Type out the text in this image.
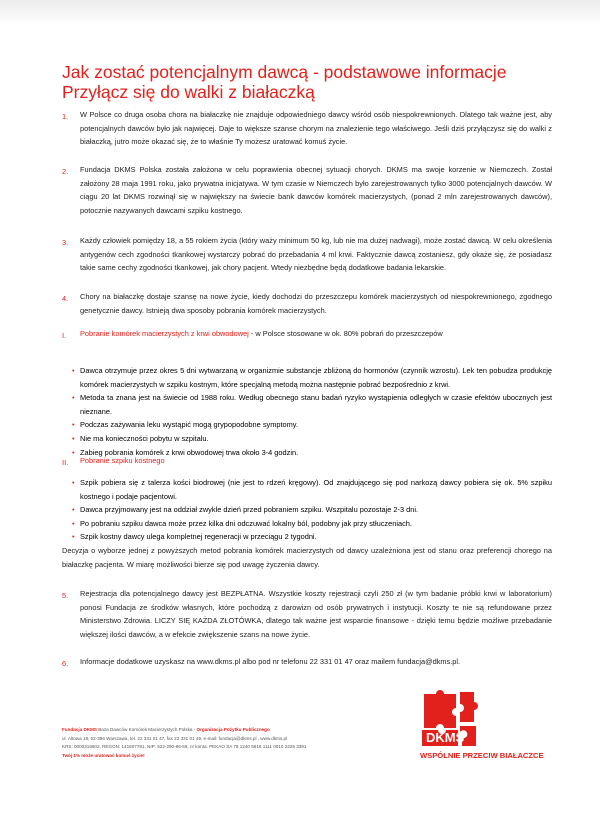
Jak zostać potencjalnym dawcą - podstawowe informacje
Przyłącz się do walki z białaczką
1. W Polsce co druga osoba chora na białaczkę nie znajduje odpowiedniego dawcy wśród osób niespokrewnionych. Dlatego tak ważne jest, aby potencjalnych dawców było jak najwięcej. Daje to większe szanse chorym na znalezienie tego właściwego. Jeśli dziś przyłączysz się do walki z białaczką, jutro może okazać się, że to właśnie Ty możesz uratować komuś życie.
2. Fundacja DKMS Polska została założona w celu poprawienia obecnej sytuacji chorych. DKMS ma swoje korzenie w Niemczech. Został założony 28 maja 1991 roku, jako prywatna inicjatywa. W tym czasie w Niemczech było zarejestrowanych tylko 3000 potencjalnych dawców. W ciągu 20 lat DKMS rozwinął się w największy na świecie bank dawców komórek macierzystych, (ponad 2 mln zarejestrowanych dawców), potocznie nazywanych dawcami szpiku kostnego.
3. Każdy człowiek pomiędzy 18, a 55 rokiem życia (który waży minimum 50 kg, lub nie ma dużej nadwagi), może zostać dawcą. W celu określenia antygenów cech zgodności tkankowej wystarczy pobrać do przebadania 4 ml krwi. Faktycznie dawcą zostaniesz, gdy okaże się, że posiadasz takie same cechy zgodności tkankowej, jak chory pacjent. Wtedy niezbędne będą dodatkowe badania lekarskie.
4. Chory na białaczkę dostaje szansę na nowe życie, kiedy dochodzi do przeszczepu komórek macierzystych od niespokrewnionego, zgodnego genetycznie dawcy. Istnieją dwa sposoby pobrania komórek macierzystych.
I. Pobranie komórek macierzystych z krwi obwodowej - w Polsce stosowane w ok. 80% pobrań do przeszczepów
• Dawca otrzymuje przez okres 5 dni wytwarzaną w organizmie substancje zbliżoną do hormonów (czynnik wzrostu). Lek ten pobudza produkcję komórek macierzystych w szpiku kostnym, które specjalną metodą można następnie pobrać bezpośrednio z krwi.
• Metoda ta znana jest na świecie od 1988 roku. Według obecnego stanu badań ryzyko wystąpienia odległych w czasie efektów ubocznych jest nieznane.
• Podczas zażywania leku wystąpić mogą grypopodobne symptomy.
• Nie ma konieczności pobytu w szpitalu.
• Zabieg pobrania komórek z krwi obwodowej trwa około 3-4 godzin.
II. Pobranie szpiku kostnego
• Szpik pobiera się z talerza kości biodrowej (nie jest to rdzeń kręgowy). Od znajdującego się pod narkozą dawcy pobiera się ok. 5% szpiku kostnego i podaje pacjentowi.
• Dawca przyjmowany jest na oddział zwykle dzień przed pobraniem szpiku. Wszpitalu pozostaje 2-3 dni.
• Po pobraniu szpiku dawca może przez kilka dni odczuwać lokalny ból, podobny jak przy stłuczeniach.
• Szpik kostny dawcy ulega kompletnej regeneracji w przeciągu 2 tygodni.
Decyzja o wyborze jednej z powyższych metod pobrania komórek macierzystych od dawcy uzależniona jest od stanu oraz preferencji chorego na białaczkę pacjenta. W miarę możliwości bierze się pod uwagę życzenia dawcy.
5. Rejestracja dla potencjalnego dawcy jest BEZPŁATNA. Wszystkie koszty rejestracji czyli 250 zł (w tym badanie próbki krwi w laboratorium) ponosi Fundacja ze środków własnych, które pochodzą z darowizn od osób prywatnych i instytucji. Koszty te nie są refundowane przez Ministerstwo Zdrowia. LICZY SIĘ KAŻDA ZŁOTÓWKA, dlatego tak ważne jest wsparcie finansowe - dzięki temu będzie możliwe przebadanie większej ilości dawców, a w efekcie zwiększenie szans na nowe życie.
6. Informacje dodatkowe uzyskasz na www.dkms.pl albo pod nr telefonu 22 331 01 47 oraz mailem fundacja@dkms.pl.
Fundacja DKMS Baza Dawców Komórek Macierzystych Polska - Organizacja Pożytku Publicznego
ul. Altowa 18, 02-386 Warszawa, tel. 22 331 01 47, fax 22 331 01 49, e-mail: fundacja@dkms.pl , www.dkms.pl
KRS: 0000318602, REGON: 141607781, NIP: 522-290-86-59, nr konta: PEKAO SA 78 1240 5918 1111 0010 2225 3391
Twój 1% może uratować komuś życie!
DKMS
WSPÓLNIE PRZECIW BIAŁACZCE
